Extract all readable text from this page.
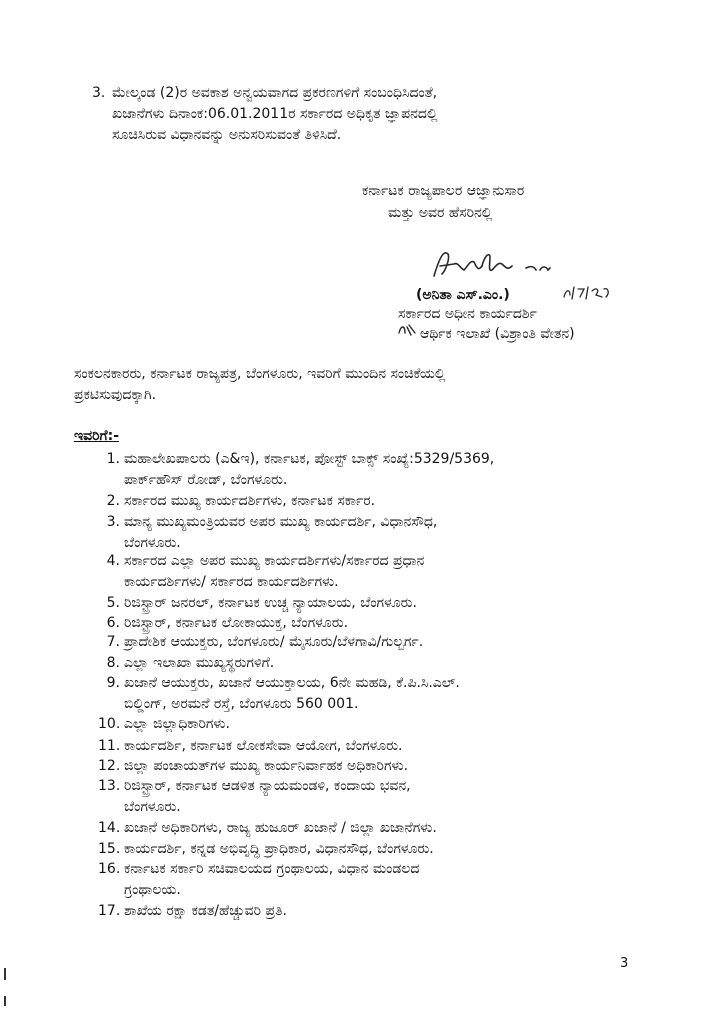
3. ಮೇಲ್ಕಂಡ (2)ರ ಅವಕಾಶ ಅನ್ವಯವಾಗದ ಪ್ರಕರಣಗಳಿಗೆ ಸಂಬಂಧಿಸಿದಂತೆ,
ಖಜಾನೆಗಳು ದಿನಾಂಕ:06.01.2011ರ ಸರ್ಕಾರದ ಅಧಿಕೃತ ಜ್ಞಾಪನದಲ್ಲಿ
ಸೂಚಿಸಿರುವ ವಿಧಾನವನ್ನು ಅನುಸರಿಸುವಂತೆ ತಿಳಿಸಿದೆ.
ಕರ್ನಾಟಕ ರಾಜ್ಯಪಾಲರ ಆಜ್ಞಾನುಸಾರ
ಮತ್ತು ಅವರ ಹೆಸರಿನಲ್ಲಿ
(ಅನಿತಾ ಎಸ್.ಎಂ.)
ಸರ್ಕಾರದ ಅಧೀನ ಕಾರ್ಯದರ್ಶಿ
ಆರ್ಥಿಕ ಇಲಾಖೆ (ವಿಶ್ರಾಂತಿ ವೇತನ)
ಸಂಕಲನಕಾರರು, ಕರ್ನಾಟಕ ರಾಜ್ಯಪತ್ರ, ಬೆಂಗಳೂರು, ಇವರಿಗೆ ಮುಂದಿನ ಸಂಚಿಕೆಯಲ್ಲಿ
ಪ್ರಕಟಿಸುವುದಕ್ಕಾಗಿ.
ಇವರಿಗೆ:-
1. ಮಹಾಲೇಖಪಾಲರು (ಎ&ಇ), ಕರ್ನಾಟಕ, ಪೋಸ್ಟ್ ಬಾಕ್ಸ್ ಸಂಖ್ಯೆ:5329/5369,
ಪಾರ್ಕ್‌ಹೌಸ್ ರೋಡ್, ಬೆಂಗಳೂರು.
2. ಸರ್ಕಾರದ ಮುಖ್ಯ ಕಾರ್ಯದರ್ಶಿಗಳು, ಕರ್ನಾಟಕ ಸರ್ಕಾರ.
3. ಮಾನ್ಯ ಮುಖ್ಯಮಂತ್ರಿಯವರ ಅಪರ ಮುಖ್ಯ ಕಾರ್ಯದರ್ಶಿ, ವಿಧಾನಸೌಧ,
ಬೆಂಗಳೂರು.
4. ಸರ್ಕಾರದ ಎಲ್ಲಾ ಅಪರ ಮುಖ್ಯ ಕಾರ್ಯದರ್ಶಿಗಳು/ಸರ್ಕಾರದ ಪ್ರಧಾನ
ಕಾರ್ಯದರ್ಶಿಗಳು/ ಸರ್ಕಾರದ ಕಾರ್ಯದರ್ಶಿಗಳು.
5. ರಿಜಿಸ್ಟ್ರಾರ್ ಜನರಲ್, ಕರ್ನಾಟಕ ಉಚ್ಚ ನ್ಯಾಯಾಲಯ, ಬೆಂಗಳೂರು.
6. ರಿಜಿಸ್ಟ್ರಾರ್, ಕರ್ನಾಟಕ ಲೋಕಾಯುಕ್ತ, ಬೆಂಗಳೂರು.
7. ಪ್ರಾದೇಶಿಕ ಆಯುಕ್ತರು, ಬೆಂಗಳೂರು/ ಮೈಸೂರು/ಬೆಳಗಾವಿ/ಗುಲ್ಬರ್ಗ.
8. ಎಲ್ಲಾ ಇಲಾಖಾ ಮುಖ್ಯಸ್ಥರುಗಳಿಗೆ.
9. ಖಜಾನೆ ಆಯುಕ್ತರು, ಖಜಾನೆ ಆಯುಕ್ತಾಲಯ, 6ನೇ ಮಹಡಿ, ಕೆ.ಪಿ.ಸಿ.ಎಲ್.
ಬಿಲ್ಡಿಂಗ್, ಅರಮನೆ ರಸ್ತೆ, ಬೆಂಗಳೂರು 560 001.
10. ಎಲ್ಲಾ ಜಿಲ್ಲಾಧಿಕಾರಿಗಳು.
11. ಕಾರ್ಯದರ್ಶಿ, ಕರ್ನಾಟಕ ಲೋಕಸೇವಾ ಆಯೋಗ, ಬೆಂಗಳೂರು.
12. ಜಿಲ್ಲಾ ಪಂಚಾಯತ್‌ಗಳ ಮುಖ್ಯ ಕಾರ್ಯನಿರ್ವಾಹಕ ಅಧಿಕಾರಿಗಳು.
13. ರಿಜಿಸ್ಟ್ರಾರ್, ಕರ್ನಾಟಕ ಆಡಳಿತ ನ್ಯಾಯಮಂಡಳಿ, ಕಂದಾಯ ಭವನ,
ಬೆಂಗಳೂರು.
14. ಖಜಾನೆ ಅಧಿಕಾರಿಗಳು, ರಾಜ್ಯ ಹುಜೂರ್ ಖಜಾನೆ / ಜಿಲ್ಲಾ ಖಜಾನೆಗಳು.
15. ಕಾರ್ಯದರ್ಶಿ, ಕನ್ನಡ ಅಭಿವೃದ್ಧಿ ಪ್ರಾಧಿಕಾರ, ವಿಧಾನಸೌಧ, ಬೆಂಗಳೂರು.
16. ಕರ್ನಾಟಕ ಸರ್ಕಾರಿ ಸಚಿವಾಲಯದ ಗ್ರಂಥಾಲಯ, ವಿಧಾನ ಮಂಡಲದ
ಗ್ರಂಥಾಲಯ.
17. ಶಾಖೆಯ ರಕ್ಷಾ ಕಡತ/ಹೆಚ್ಚುವರಿ ಪ್ರತಿ.
3
